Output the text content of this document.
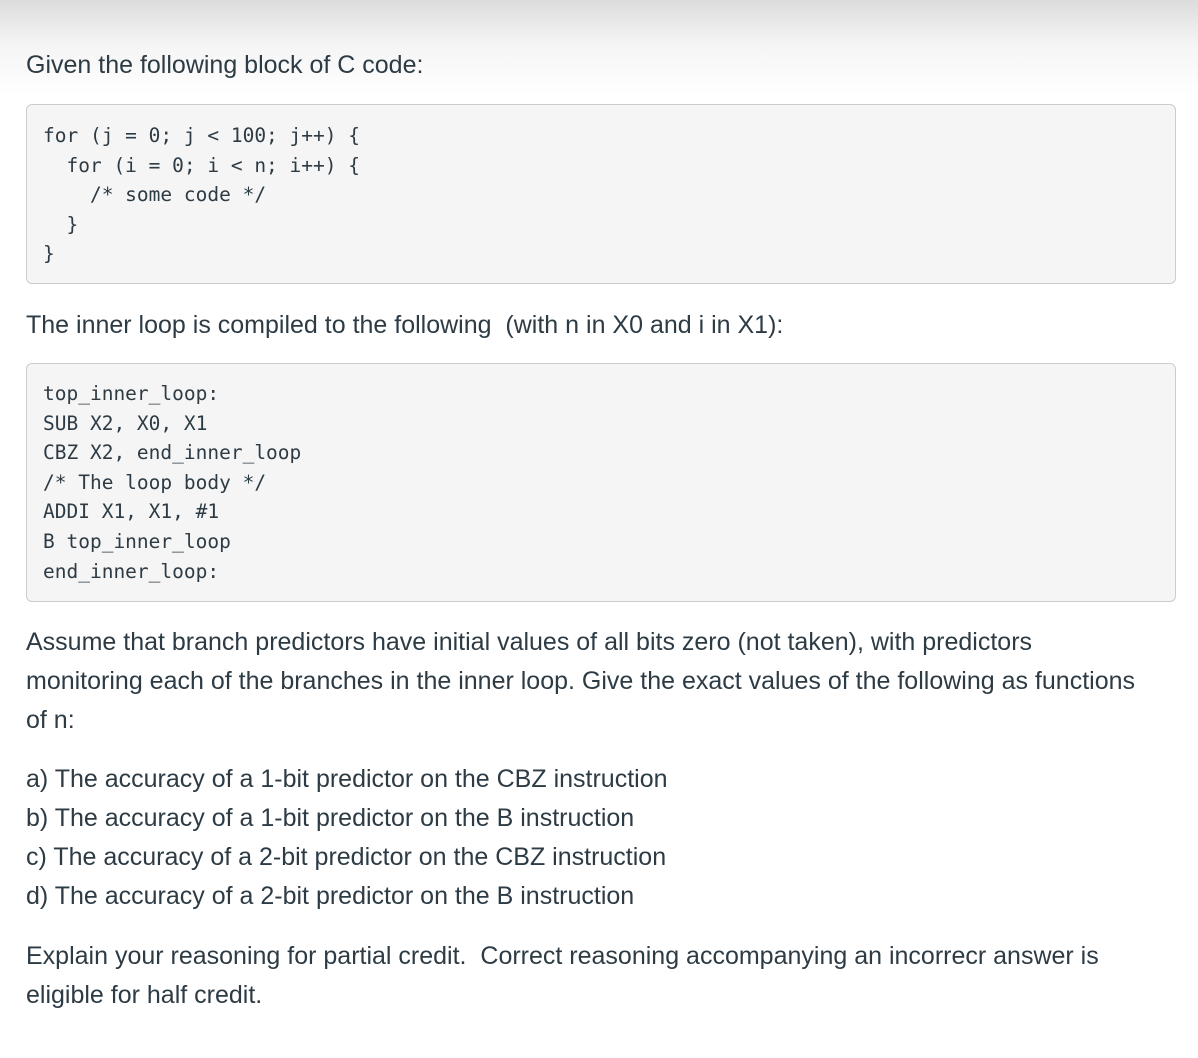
Given the following block of C code:

for (j = 0; j < 100; j++) {
for (i = 0; i < n; i++) {
/* some code */
}
}

The inner loop is compiled to the following  (with n in X0 and i in X1):

top_inner_loop:
SUB X2, X0, X1
CBZ X2, end_inner_loop
/* The loop body */
ADDI X1, X1, #1
B top_inner_loop
end_inner_loop:

Assume that branch predictors have initial values of all bits zero (not taken), with predictors monitoring each of the branches in the inner loop. Give the exact values of the following as functions of n:

a) The accuracy of a 1-bit predictor on the CBZ instruction
b) The accuracy of a 1-bit predictor on the B instruction
c) The accuracy of a 2-bit predictor on the CBZ instruction
d) The accuracy of a 2-bit predictor on the B instruction

Explain your reasoning for partial credit.  Correct reasoning accompanying an incorrecr answer is eligible for half credit.
